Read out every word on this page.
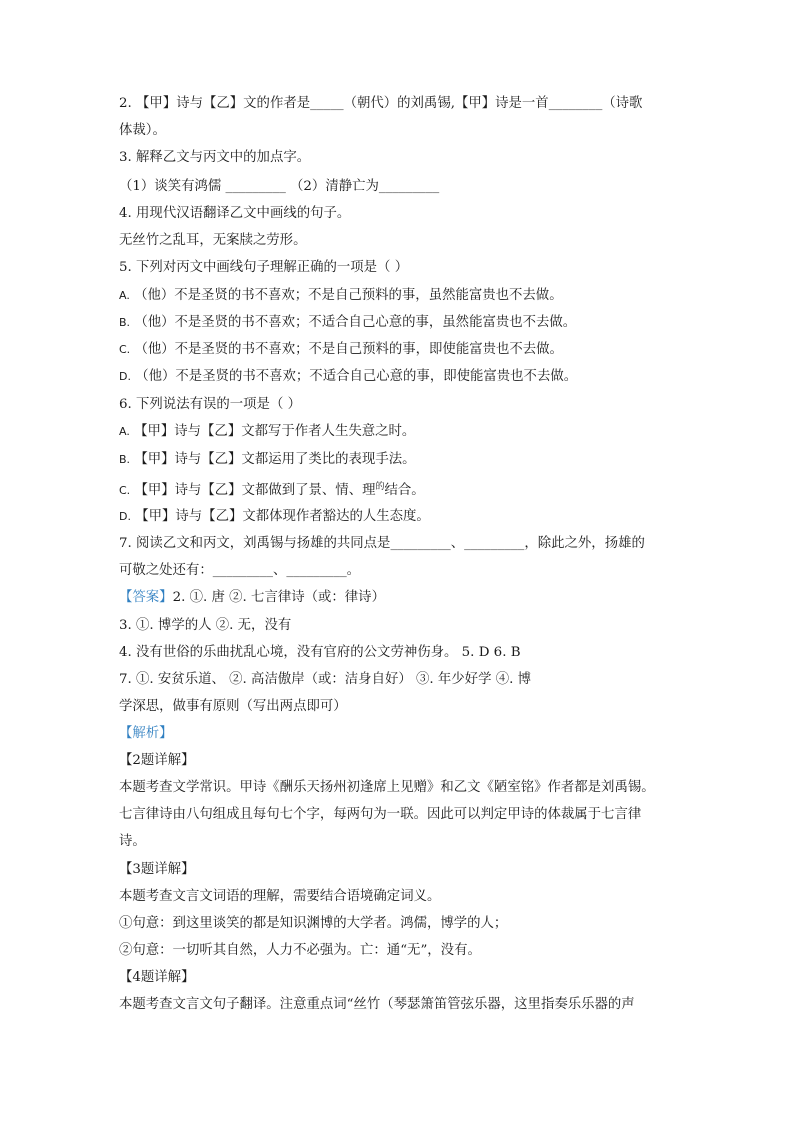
2. 【甲】诗与【乙】文的作者是_____（朝代）的刘禹锡,【甲】诗是一首________（诗歌
体裁）。
3. 解释乙文与丙文中的加点字。
（1）谈笑有鸿儒 _________ （2）清静亡为_________
4. 用现代汉语翻译乙文中画线的句子。
无丝竹之乱耳，无案牍之劳形。
5. 下列对丙文中画线句子理解正确的一项是（ ）
A. （他）不是圣贤的书不喜欢；不是自己预料的事，虽然能富贵也不去做。
B. （他）不是圣贤的书不喜欢；不适合自己心意的事，虽然能富贵也不去做。
C. （他）不是圣贤的书不喜欢；不是自己预料的事，即使能富贵也不去做。
D. （他）不是圣贤的书不喜欢；不适合自己心意的事，即使能富贵也不去做。
6. 下列说法有误的一项是（ ）
A. 【甲】诗与【乙】文都写于作者人生失意之时。
B. 【甲】诗与【乙】文都运用了类比的表现手法。
C. 【甲】诗与【乙】文都做到了景、情、理$^的$结合。
D. 【甲】诗与【乙】文都体现作者豁达的人生态度。
7. 阅读乙文和丙文，刘禹锡与扬雄的共同点是_________、_________，除此之外，扬雄的
可敬之处还有：_________、_________。
【答案】2. ①. 唐 ②. 七言律诗（或：律诗）
3. ①. 博学的人 ②. 无，没有
4. 没有世俗的乐曲扰乱心境，没有官府的公文劳神伤身。 5. D 6. B
7. ①. 安贫乐道、 ②. 高洁傲岸（或：洁身自好） ③. 年少好学 ④. 博
学深思，做事有原则（写出两点即可）
【解析】
【2题详解】
本题考查文学常识。甲诗《酬乐天扬州初逢席上见赠》和乙文《陋室铭》作者都是刘禹锡。
七言律诗由八句组成且每句七个字，每两句为一联。因此可以判定甲诗的体裁属于七言律
诗。
【3题详解】
本题考查文言文词语的理解，需要结合语境确定词义。
①句意：到这里谈笑的都是知识渊博的大学者。鸿儒，博学的人；
②句意：一切听其自然，人力不必强为。亡：通“无”，没有。
【4题详解】
本题考查文言文句子翻译。注意重点词“丝竹（琴瑟箫笛管弦乐器，这里指奏乐乐器的声
